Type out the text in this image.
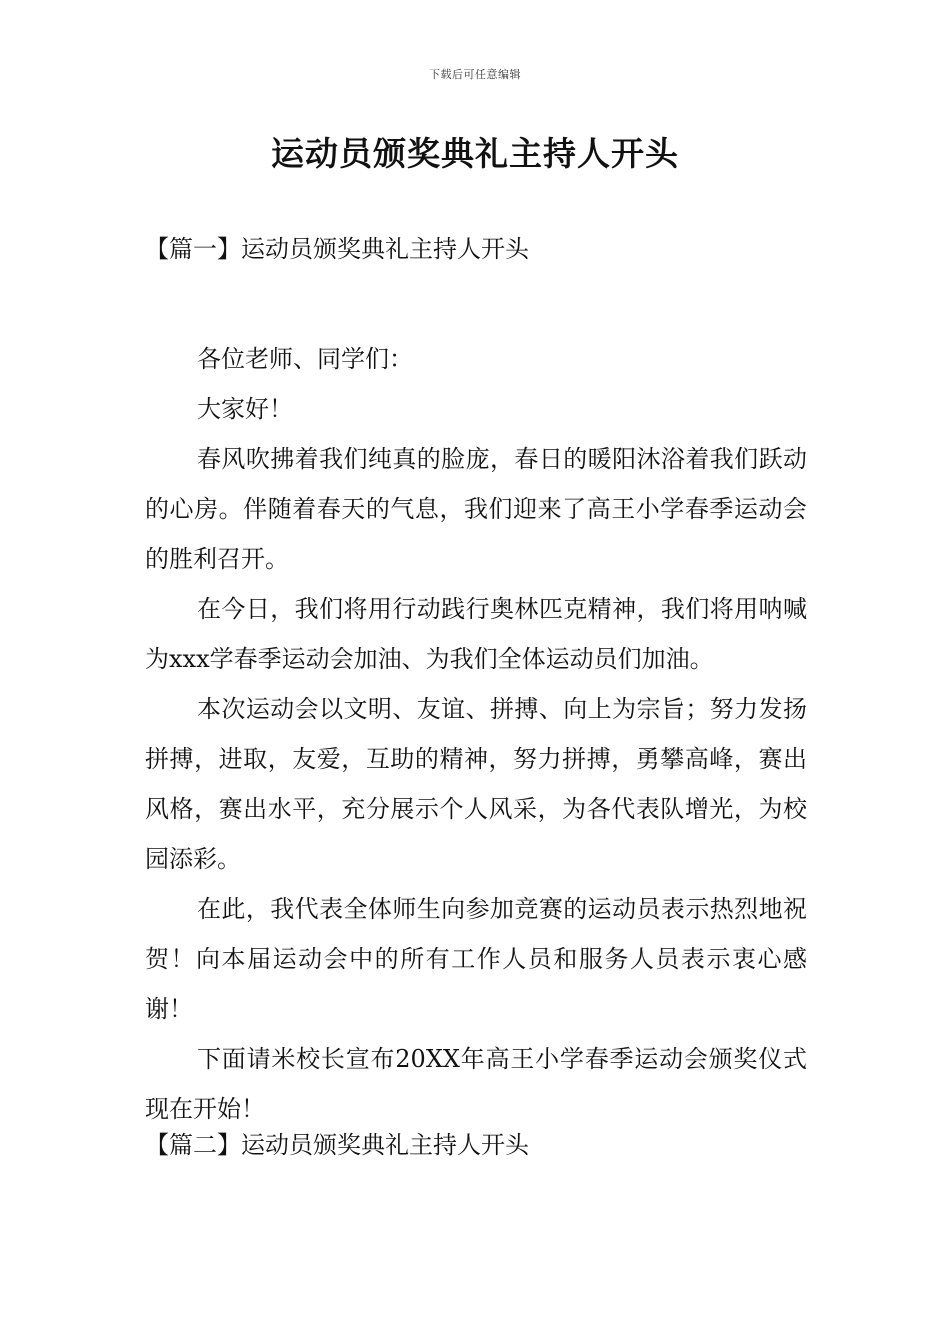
下载后可任意编辑
运动员颁奖典礼主持人开头
【篇一】运动员颁奖典礼主持人开头

各位老师、同学们：

大家好！

春风吹拂着我们纯真的脸庞，春日的暖阳沐浴着我们跃动的心房。伴随着春天的气息，我们迎来了高王小学春季运动会的胜利召开。

在今日，我们将用行动践行奥林匹克精神，我们将用呐喊为xxx学春季运动会加油、为我们全体运动员们加油。

本次运动会以文明、友谊、拼搏、向上为宗旨；努力发扬拼搏，进取，友爱，互助的精神，努力拼搏，勇攀高峰，赛出风格，赛出水平，充分展示个人风采，为各代表队增光，为校园添彩。

在此，我代表全体师生向参加竞赛的运动员表示热烈地祝贺！向本届运动会中的所有工作人员和服务人员表示衷心感谢！

下面请米校长宣布20XX年高王小学春季运动会颁奖仪式现在开始！

【篇二】运动员颁奖典礼主持人开头
